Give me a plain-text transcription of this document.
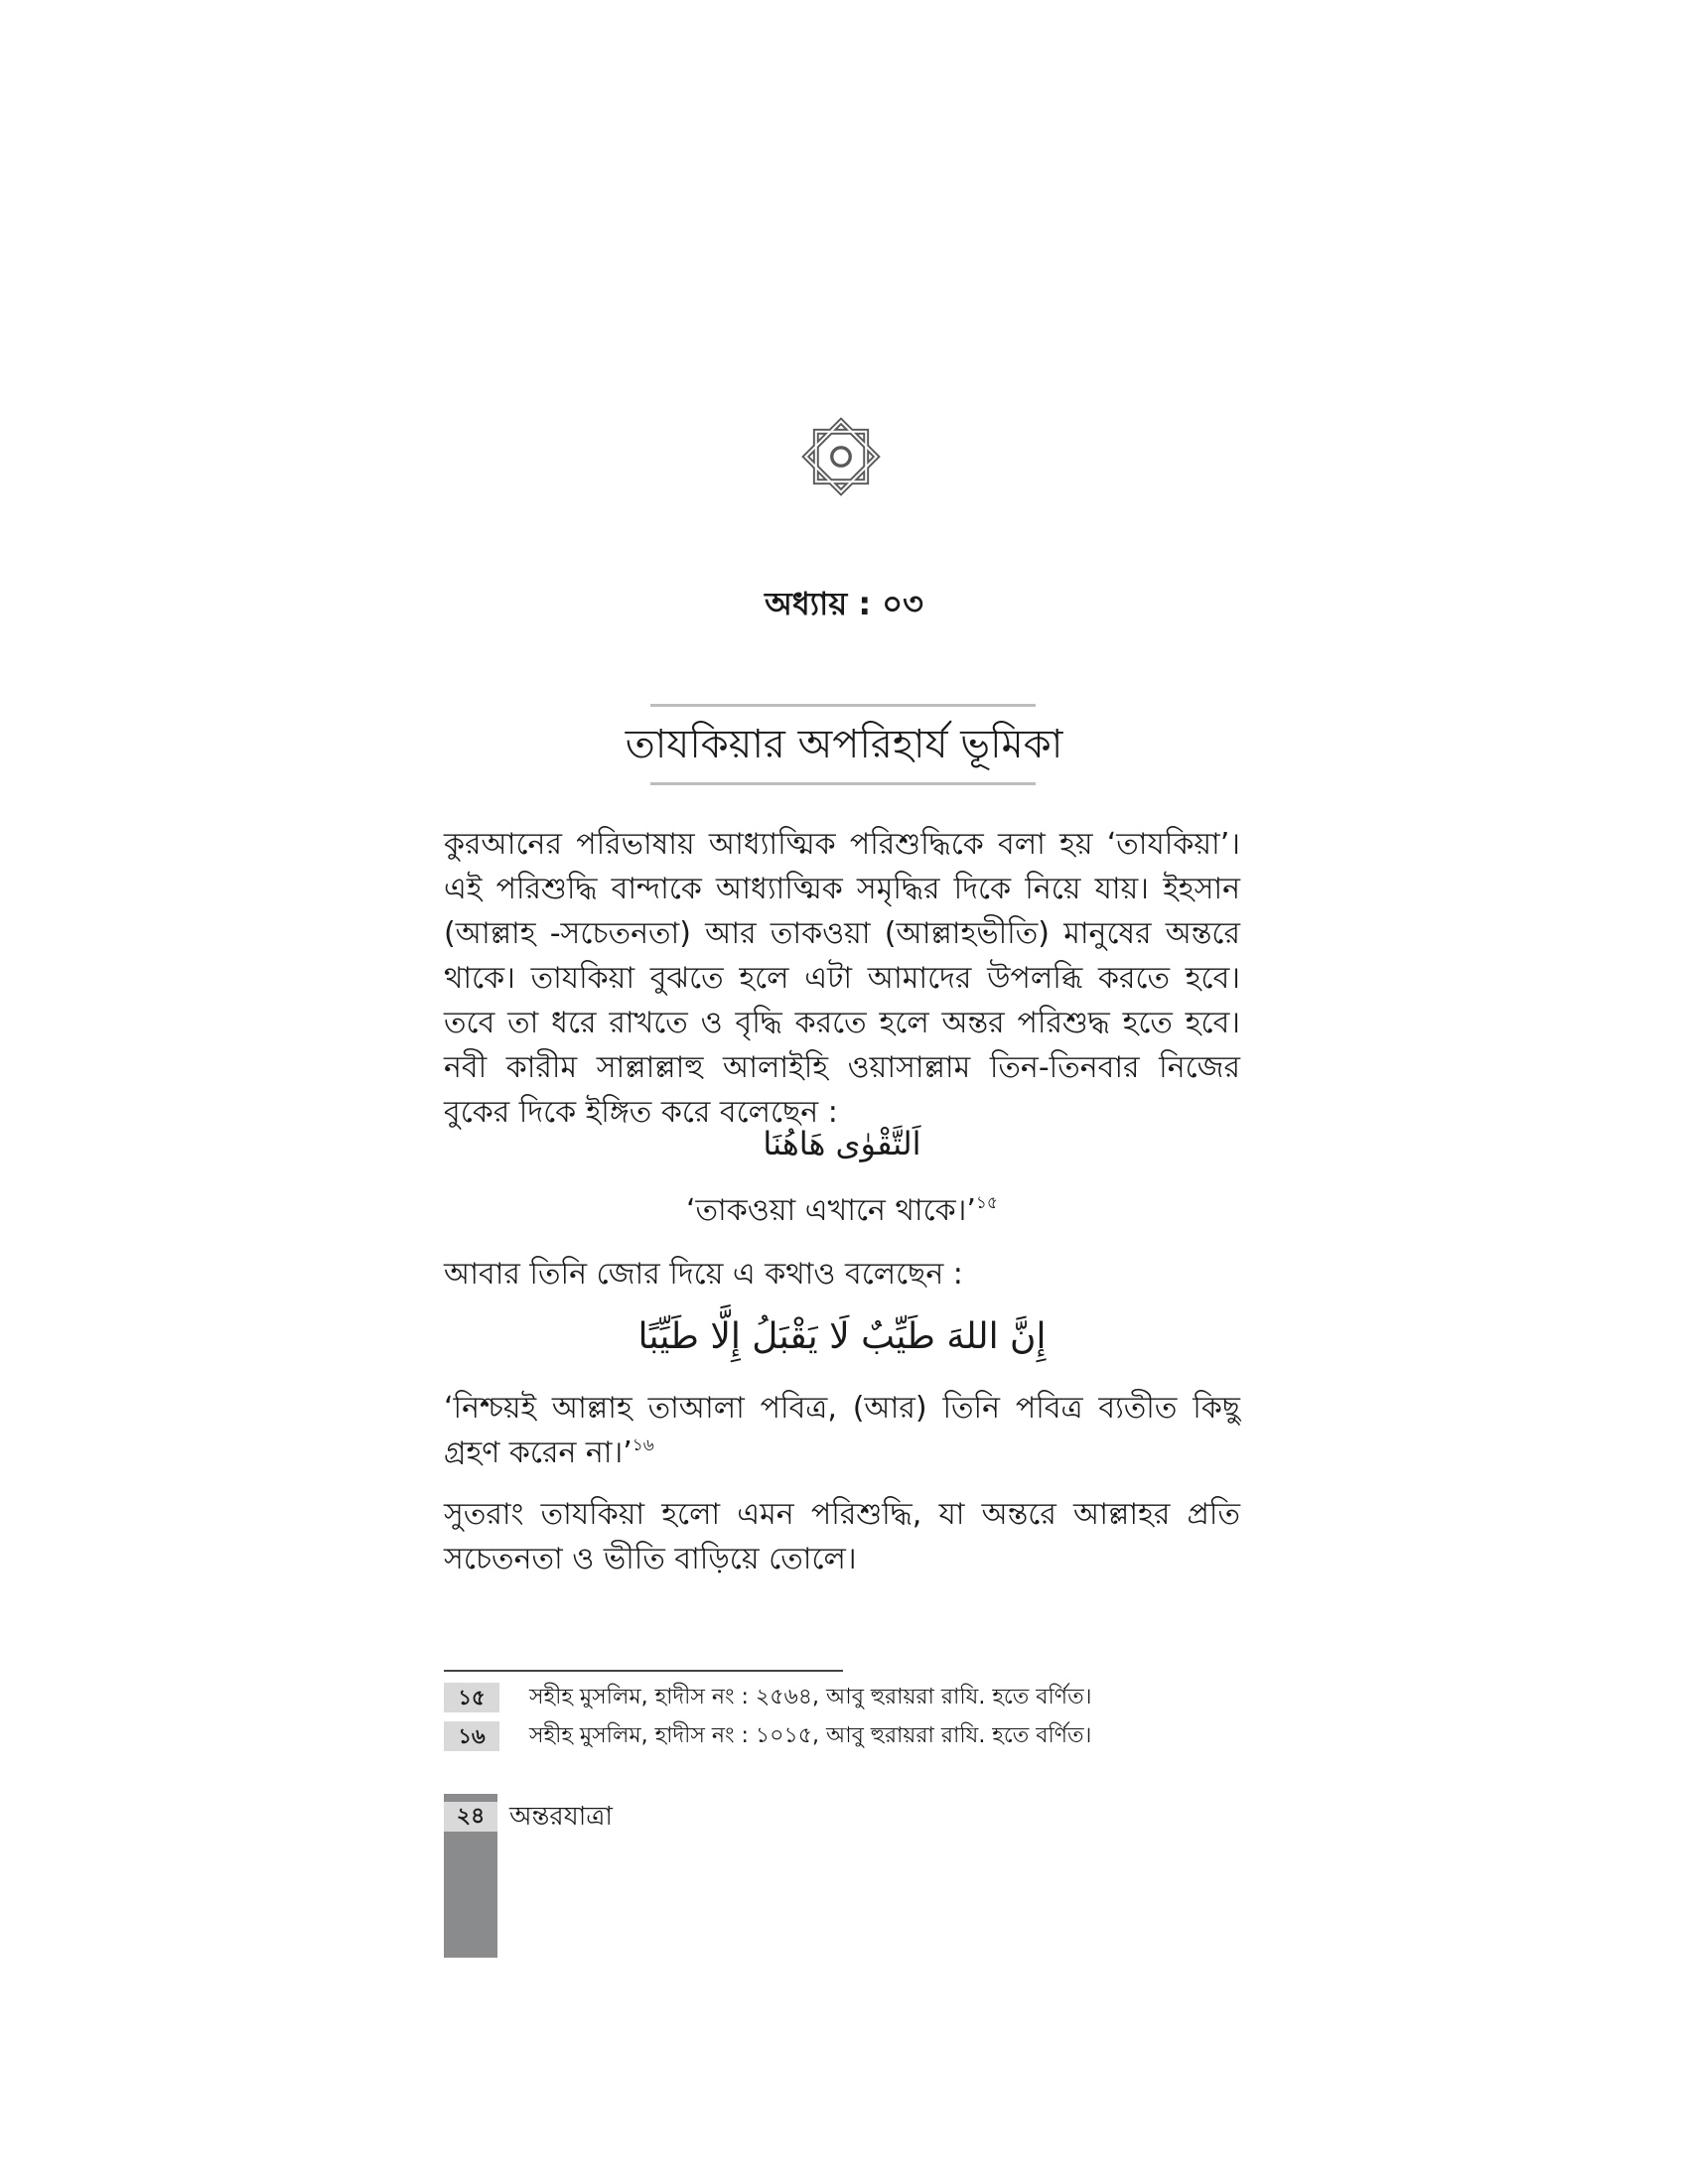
অধ্যায় : ০৩
তাযকিয়ার অপরিহার্য ভূমিকা

কুরআনের পরিভাষায় আধ্যাত্মিক পরিশুদ্ধিকে বলা হয় ‘তাযকিয়া’। এই পরিশুদ্ধি বান্দাকে আধ্যাত্মিক সমৃদ্ধির দিকে নিয়ে যায়। ইহসান (আল্লাহ -সচেতনতা) আর তাকওয়া (আল্লাহভীতি) মানুষের অন্তরে থাকে। তাযকিয়া বুঝতে হলে এটা আমাদের উপলব্ধি করতে হবে। তবে তা ধরে রাখতে ও বৃদ্ধি করতে হলে অন্তর পরিশুদ্ধ হতে হবে। নবী কারীম সাল্লাল্লাহু আলাইহি ওয়াসাল্লাম তিন-তিনবার নিজের বুকের দিকে ইঙ্গিত করে বলেছেন :

اَلتَّقْوٰى هَاهُنَا
‘তাকওয়া এখানে থাকে।’$^{১৫}$

আবার তিনি জোর দিয়ে এ কথাও বলেছেন :

إِنَّ اللهَ طَيِّبٌ لَا يَقْبَلُ إِلَّا طَيِّبًا

‘নিশ্চয়ই আল্লাহ তাআলা পবিত্র, (আর) তিনি পবিত্র ব্যতীত কিছু গ্রহণ করেন না।’$^{১৬}$

সুতরাং তাযকিয়া হলো এমন পরিশুদ্ধি, যা অন্তরে আল্লাহর প্রতি সচেতনতা ও ভীতি বাড়িয়ে তোলে।

১৫	সহীহ মুসলিম, হাদীস নং : ২৫৬৪, আবু হুরায়রা রাযি. হতে বর্ণিত।
১৬	সহীহ মুসলিম, হাদীস নং : ১০১৫, আবু হুরায়রা রাযি. হতে বর্ণিত।
২৪ অন্তরযাত্রা
